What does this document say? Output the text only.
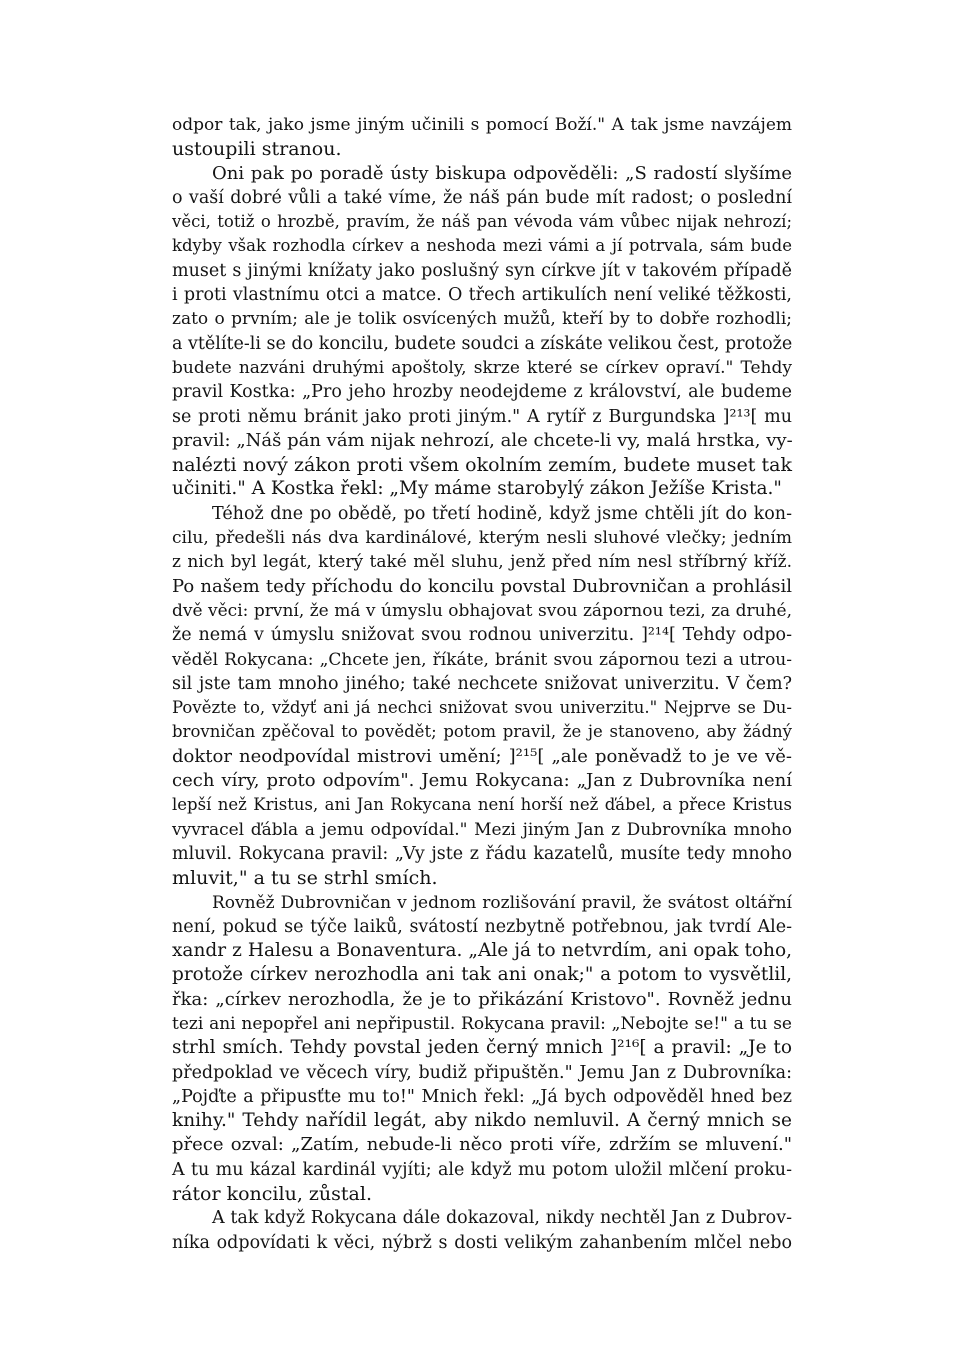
odpor tak, jako jsme jiným učinili s pomocí Boží." A tak jsme navzájem
ustoupili stranou.
Oni pak po poradě ústy biskupa odpověděli: „S radostí slyšíme
o vaší dobré vůli a také víme, že náš pán bude mít radost; o poslední
věci, totiž o hrozbě, pravím, že náš pan vévoda vám vůbec nijak nehrozí;
kdyby však rozhodla církev a neshoda mezi vámi a jí potrvala, sám bude
muset s jinými knížaty jako poslušný syn církve jít v takovém případě
i proti vlastnímu otci a matce. O třech artikulích není veliké těžkosti,
zato o prvním; ale je tolik osvícených mužů, kteří by to dobře rozhodli;
a vtělíte-li se do koncilu, budete soudci a získáte velikou čest, protože
budete nazváni druhými apoštoly, skrze které se církev opraví." Tehdy
pravil Kostka: „Pro jeho hrozby neodejdeme z království, ale budeme
se proti němu bránit jako proti jiným." A rytíř z Burgundska ]²¹³[ mu
pravil: „Náš pán vám nijak nehrozí, ale chcete-li vy, malá hrstka, vy-
nalézti nový zákon proti všem okolním zemím, budete muset tak
učiniti." A Kostka řekl: „My máme starobylý zákon Ježíše Krista."
Téhož dne po obědě, po třetí hodině, když jsme chtěli jít do kon-
cilu, předešli nás dva kardinálové, kterým nesli sluhové vlečky; jedním
z nich byl legát, který také měl sluhu, jenž před ním nesl stříbrný kříž.
Po našem tedy příchodu do koncilu povstal Dubrovničan a prohlásil
dvě věci: první, že má v úmyslu obhajovat svou zápornou tezi, za druhé,
že nemá v úmyslu snižovat svou rodnou univerzitu. ]²¹⁴[ Tehdy odpo-
věděl Rokycana: „Chcete jen, říkáte, bránit svou zápornou tezi a utrou-
sil jste tam mnoho jiného; také nechcete snižovat univerzitu. V čem?
Povězte to, vždyť ani já nechci snižovat svou univerzitu." Nejprve se Du-
brovničan zpěčoval to povědět; potom pravil, že je stanoveno, aby žádný
doktor neodpovídal mistrovi umění; ]²¹⁵[ „ale poněvadž to je ve vě-
cech víry, proto odpovím". Jemu Rokycana: „Jan z Dubrovníka není
lepší než Kristus, ani Jan Rokycana není horší než ďábel, a přece Kristus
vyvracel ďábla a jemu odpovídal." Mezi jiným Jan z Dubrovníka mnoho
mluvil. Rokycana pravil: „Vy jste z řádu kazatelů, musíte tedy mnoho
mluvit," a tu se strhl smích.
Rovněž Dubrovničan v jednom rozlišování pravil, že svátost oltářní
není, pokud se týče laiků, svátostí nezbytně potřebnou, jak tvrdí Ale-
xandr z Halesu a Bonaventura. „Ale já to netvrdím, ani opak toho,
protože církev nerozhodla ani tak ani onak;" a potom to vysvětlil,
řka: „církev nerozhodla, že je to přikázání Kristovo". Rovněž jednu
tezi ani nepopřel ani nepřipustil. Rokycana pravil: „Nebojte se!" a tu se
strhl smích. Tehdy povstal jeden černý mnich ]²¹⁶[ a pravil: „Je to
předpoklad ve věcech víry, budiž připuštěn." Jemu Jan z Dubrovníka:
„Pojďte a připusťte mu to!" Mnich řekl: „Já bych odpověděl hned bez
knihy." Tehdy nařídil legát, aby nikdo nemluvil. A černý mnich se
přece ozval: „Zatím, nebude-li něco proti víře, zdržím se mluvení."
A tu mu kázal kardinál vyjíti; ale když mu potom uložil mlčení proku-
rátor koncilu, zůstal.
A tak když Rokycana dále dokazoval, nikdy nechtěl Jan z Dubrov-
níka odpovídati k věci, nýbrž s dosti velikým zahanbením mlčel nebo
